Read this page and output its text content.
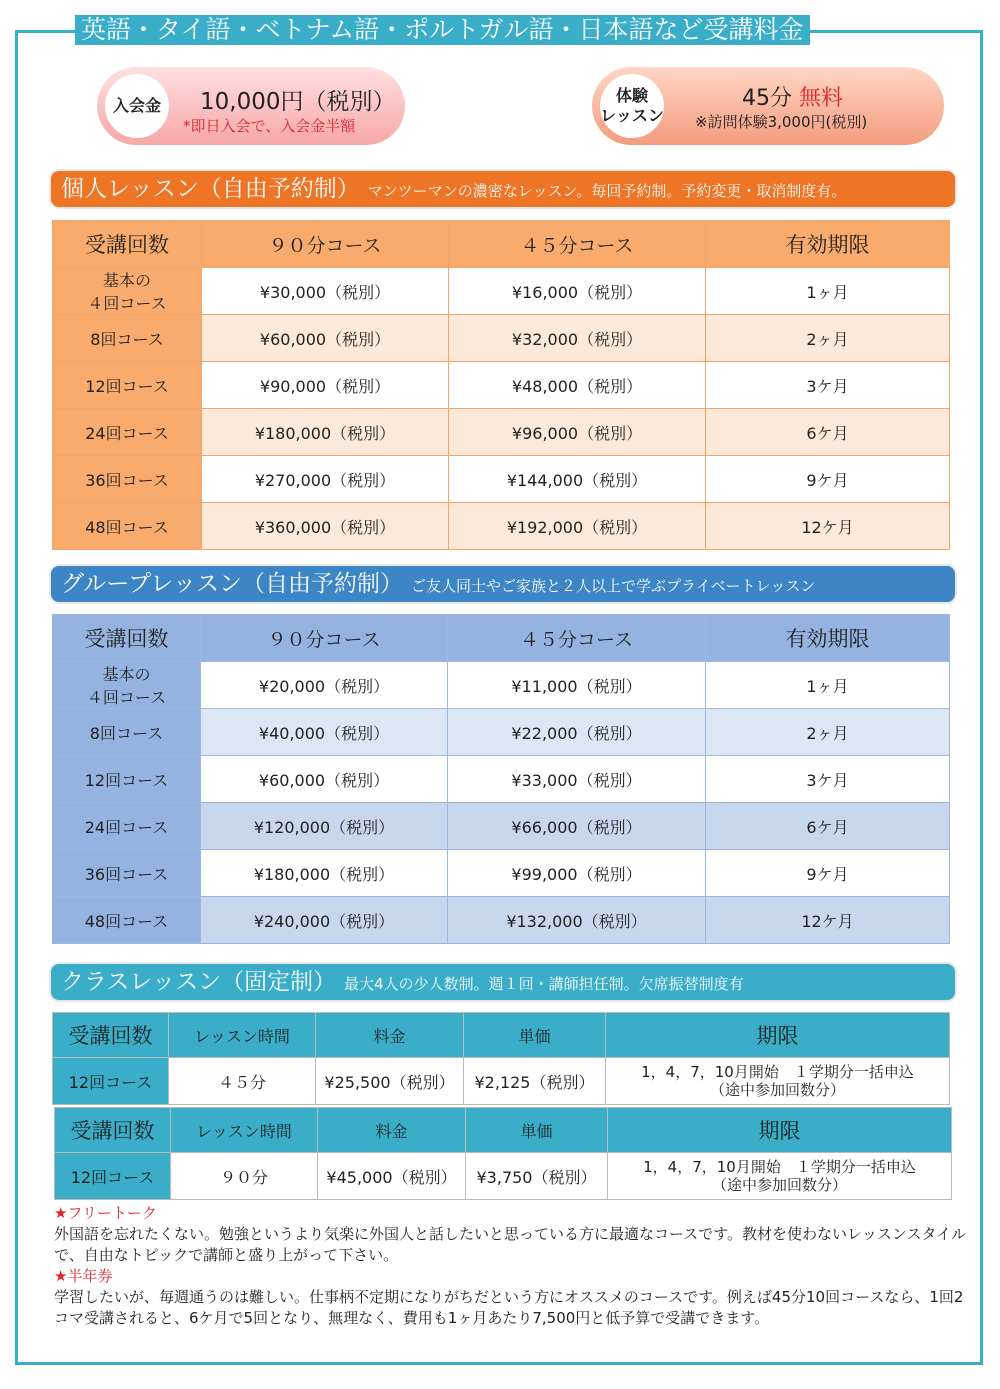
英語・タイ語・ベトナム語・ポルトガル語・日本語など受講料金
入会金	10,000円（税別）
*即日入会で、入会金半額
体験
レッスン
45分 無料
※訪問体験3,000円(税別)
個人レッスン（自由予約制） マンツーマンの濃密なレッスン。毎回予約制。予約変更・取消制度有。
受講回数	９０分コース	４５分コース	有効期限
基本の
４回コース	¥30,000（税別）	¥16,000（税別）	1ヶ月
8回コース	¥60,000（税別）	¥32,000（税別）	2ヶ月
12回コース	¥90,000（税別）	¥48,000（税別）	3ケ月
24回コース	¥180,000（税別）	¥96,000（税別）	6ケ月
36回コース	¥270,000（税別）	¥144,000（税別）	9ケ月
48回コース	¥360,000（税別）	¥192,000（税別）	12ケ月
グループレッスン（自由予約制） ご友人同士やご家族と２人以上で学ぶプライベートレッスン
受講回数	９０分コース	４５分コース	有効期限
基本の
４回コース	¥20,000（税別）	¥11,000（税別）	1ヶ月
8回コース	¥40,000（税別）	¥22,000（税別）	2ヶ月
12回コース	¥60,000（税別）	¥33,000（税別）	3ケ月
24回コース	¥120,000（税別）	¥66,000（税別）	6ケ月
36回コース	¥180,000（税別）	¥99,000（税別）	9ケ月
48回コース	¥240,000（税別）	¥132,000（税別）	12ケ月
クラスレッスン（固定制） 最大4人の少人数制。週１回・講師担任制。欠席振替制度有
受講回数	レッスン時間	料金	単価	期限
12回コース	４５分	¥25,500（税別）	¥2,125（税別）	1，4，7，10月開始　１学期分一括申込
（途中参加回数分）
受講回数	レッスン時間	料金	単価	期限
12回コース	９０分	¥45,000（税別）	¥3,750（税別）	1，4，7，10月開始　１学期分一括申込
（途中参加回数分）

★フリートーク

外国語を忘れたくない。勉強というより気楽に外国人と話したいと思っている方に最適なコースです。教材を使わないレッスンスタイルで、自由なトピックで講師と盛り上がって下さい。

★半年券

学習したいが、毎週通うのは難しい。仕事柄不定期になりがちだという方にオススメのコースです。例えば45分10回コースなら、1回2コマ受講されると、6ケ月で5回となり、無理なく、費用も1ヶ月あたり7,500円と低予算で受講できます。
